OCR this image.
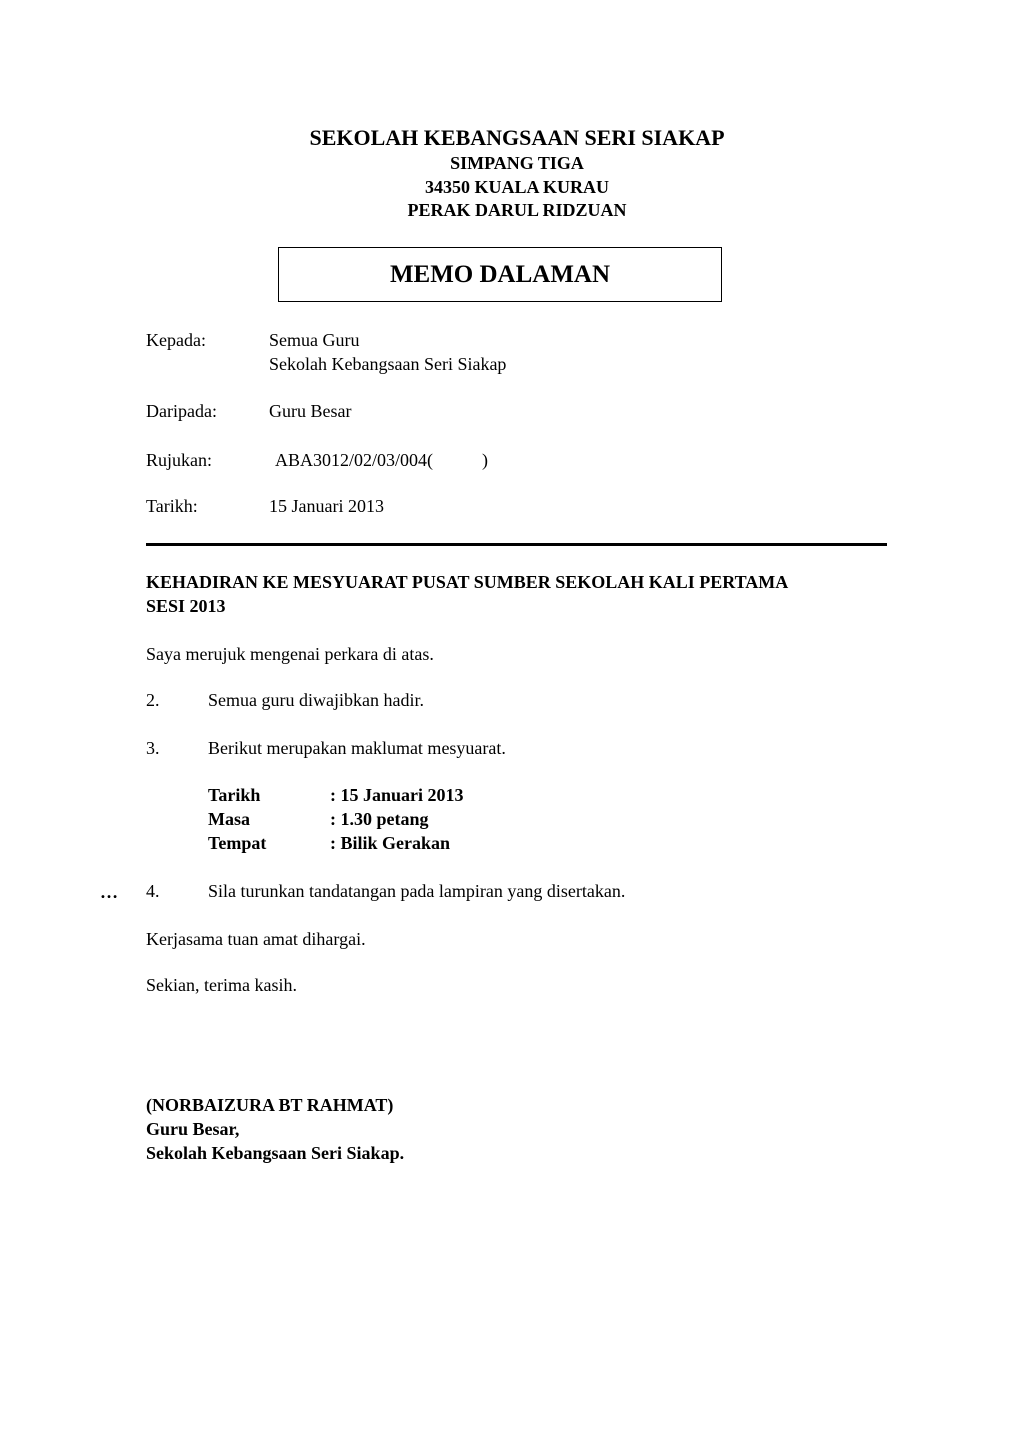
SEKOLAH KEBANGSAAN SERI SIAKAP
SIMPANG TIGA
34350 KUALA KURAU
PERAK DARUL RIDZUAN
MEMO DALAMAN
Kepada:	Semua Guru
Sekolah Kebangsaan Seri Siakap
Daripada:	Guru Besar
Rujukan:	ABA3012/02/03/004(	)
Tarikh:	15 Januari 2013
KEHADIRAN KE MESYUARAT PUSAT SUMBER SEKOLAH KALI PERTAMA
SESI 2013
Saya merujuk mengenai perkara di atas.
2.	Semua guru diwajibkan hadir.
3.	Berikut merupakan maklumat mesyuarat.
Tarikh	: 15 Januari 2013
Masa	: 1.30 petang
Tempat	: Bilik Gerakan
… 4.	Sila turunkan tandatangan pada lampiran yang disertakan.
Kerjasama tuan amat dihargai.
Sekian, terima kasih.
(NORBAIZURA BT RAHMAT)
Guru Besar,
Sekolah Kebangsaan Seri Siakap.
